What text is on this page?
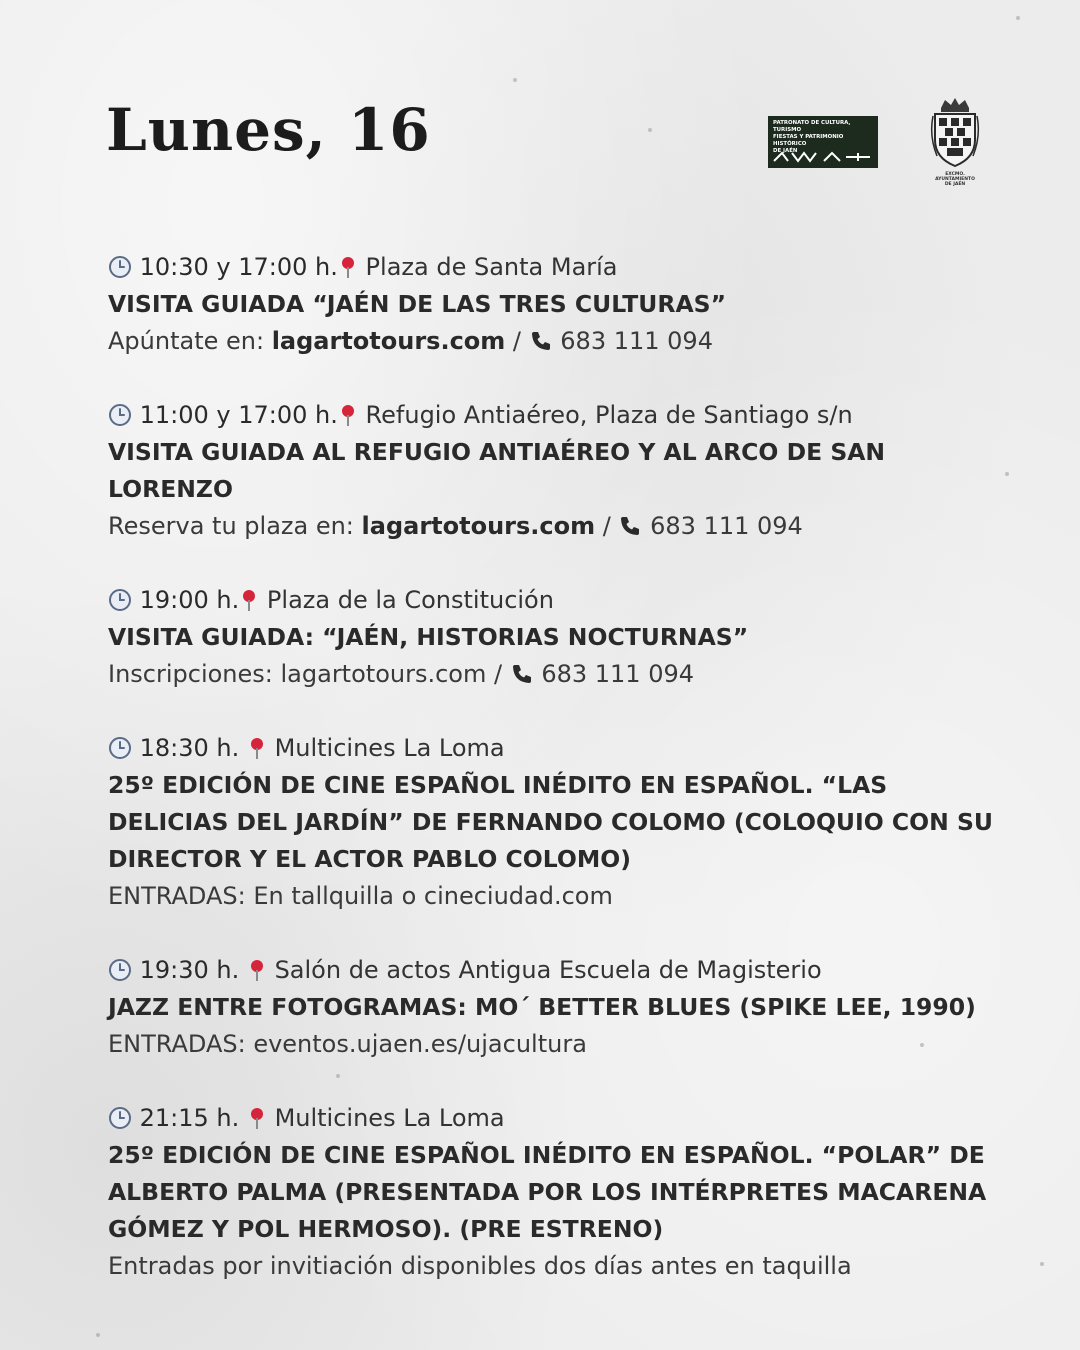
Lunes, 16	PATRONATO DE CULTURA, TURISMO
FIESTAS Y PATRIMONIO HISTÓRICO
DE JAÉN
EXCMO. AYUNTAMIENTO
DE JAÉN
10:30 y 17:00 h. Plaza de Santa María
VISITA GUIADA “JAÉN DE LAS TRES CULTURAS”
Apúntate en: lagartotours.com /
683 111 094
11:00 y 17:00 h. Refugio Antiaéreo, Plaza de Santiago s/n
VISITA GUIADA AL REFUGIO ANTIAÉREO Y AL ARCO DE SAN LORENZO
Reserva tu plaza en: lagartotours.com /
683 111 094
19:00 h. Plaza de la Constitución
VISITA GUIADA: “JAÉN, HISTORIAS NOCTURNAS”
Inscripciones: lagartotours.com /
683 111 094
18:30 h. Multicines La Loma
25º EDICIÓN DE CINE ESPAÑOL INÉDITO EN ESPAÑOL. “LAS DELICIAS DEL JARDÍN” DE FERNANDO COLOMO (COLOQUIO CON SU DIRECTOR Y EL ACTOR PABLO COLOMO)
ENTRADAS: En tallquilla o cineciudad.com
19:30 h. Salón de actos Antigua Escuela de Magisterio
JAZZ ENTRE FOTOGRAMAS: MO´ BETTER BLUES (SPIKE LEE, 1990)
ENTRADAS: eventos.ujaen.es/ujacultura
21:15 h. Multicines La Loma
25º EDICIÓN DE CINE ESPAÑOL INÉDITO EN ESPAÑOL. “POLAR” DE ALBERTO PALMA (PRESENTADA POR LOS INTÉRPRETES MACARENA GÓMEZ Y POL HERMOSO). (PRE ESTRENO)
Entradas por invitiación disponibles dos días antes en taquilla
